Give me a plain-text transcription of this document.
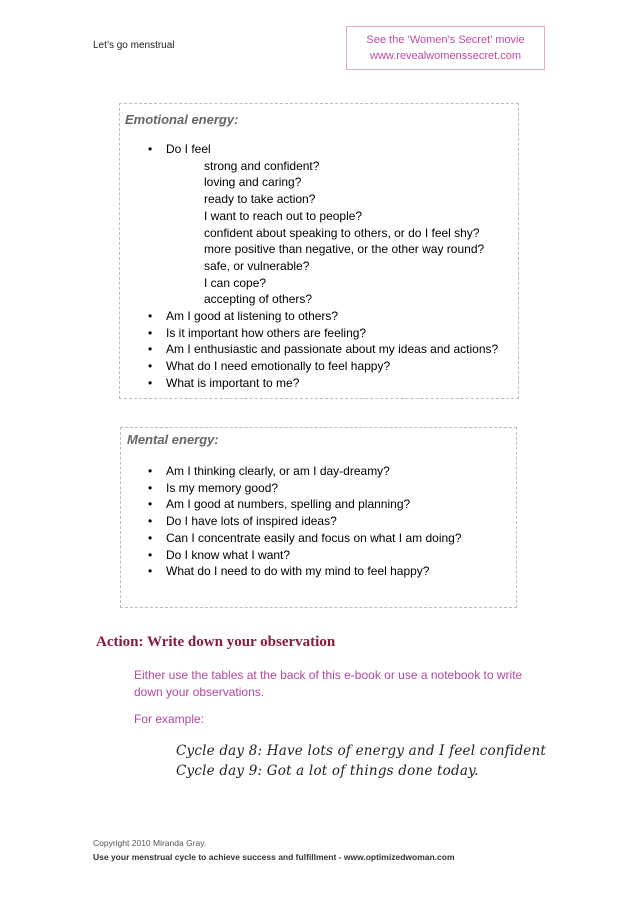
Let’s go menstrual	See the ‘Women’s Secret’ movie
www.revealwomenssecret.com
Emotional energy:
• Do I feel
strong and confident?
loving and caring?
ready to take action?
I want to reach out to people?
confident about speaking to others, or do I feel shy?
more positive than negative, or the other way round?
safe, or vulnerable?
I can cope?
accepting of others?
• Am I good at listening to others?
• Is it important how others are feeling?
• Am I enthusiastic and passionate about my ideas and actions?
• What do I need emotionally to feel happy?
• What is important to me?
Mental energy:
• Am I thinking clearly, or am I day-dreamy?
• Is my memory good?
• Am I good at numbers, spelling and planning?
• Do I have lots of inspired ideas?
• Can I concentrate easily and focus on what I am doing?
• Do I know what I want?
• What do I need to do with my mind to feel happy?
Action: Write down your observation
Either use the tables at the back of this e-book or use a notebook to write down your observations.
For example:
Cycle day 8: Have lots of energy and I feel confident
Cycle day 9: Got a lot of things done today.
Copyright 2010 Miranda Gray.
Use your menstrual cycle to achieve success and fulfillment - www.optimizedwoman.com
